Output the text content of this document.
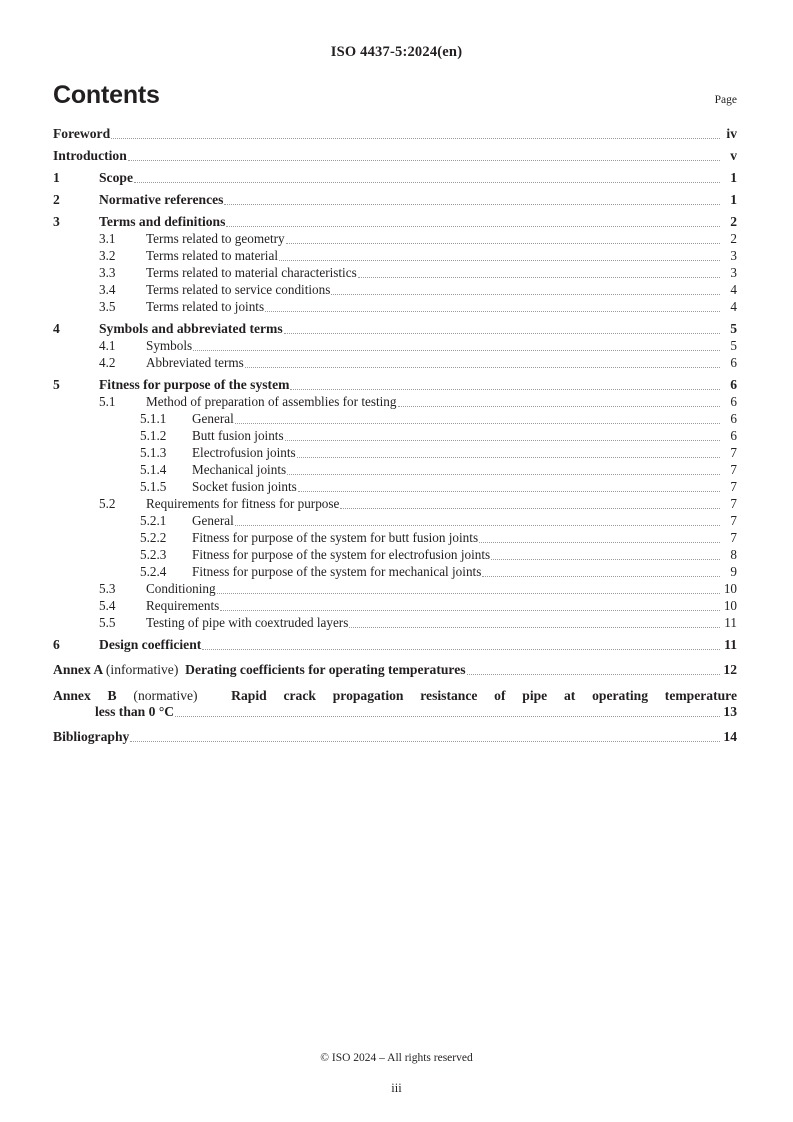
ISO 4437-5:2024(en)
Contents	Page
Foreword	iv
Introduction	v
1	Scope	1
2	Normative references	1
3	Terms and definitions	2
3.1	Terms related to geometry	2
3.2	Terms related to material	3
3.3	Terms related to material characteristics	3
3.4	Terms related to service conditions	4
3.5	Terms related to joints	4
4	Symbols and abbreviated terms	5
4.1	Symbols	5
4.2	Abbreviated terms	6
5	Fitness for purpose of the system	6
5.1	Method of preparation of assemblies for testing	6
5.1.1	General	6
5.1.2	Butt fusion joints	6
5.1.3	Electrofusion joints	7
5.1.4	Mechanical joints	7
5.1.5	Socket fusion joints	7
5.2	Requirements for fitness for purpose	7
5.2.1	General	7
5.2.2	Fitness for purpose of the system for butt fusion joints	7
5.2.3	Fitness for purpose of the system for electrofusion joints	8
5.2.4	Fitness for purpose of the system for mechanical joints	9
5.3	Conditioning	10
5.4	Requirements	10
5.5	Testing of pipe with coextruded layers	11
6	Design coefficient	11
Annex A (informative) Derating coefficients for operating temperatures	12
Annex B (normative) Rapid crack propagation resistance of pipe at operating temperature
less than 0 °C	13
Bibliography	14
© ISO 2024 – All rights reserved
iii
